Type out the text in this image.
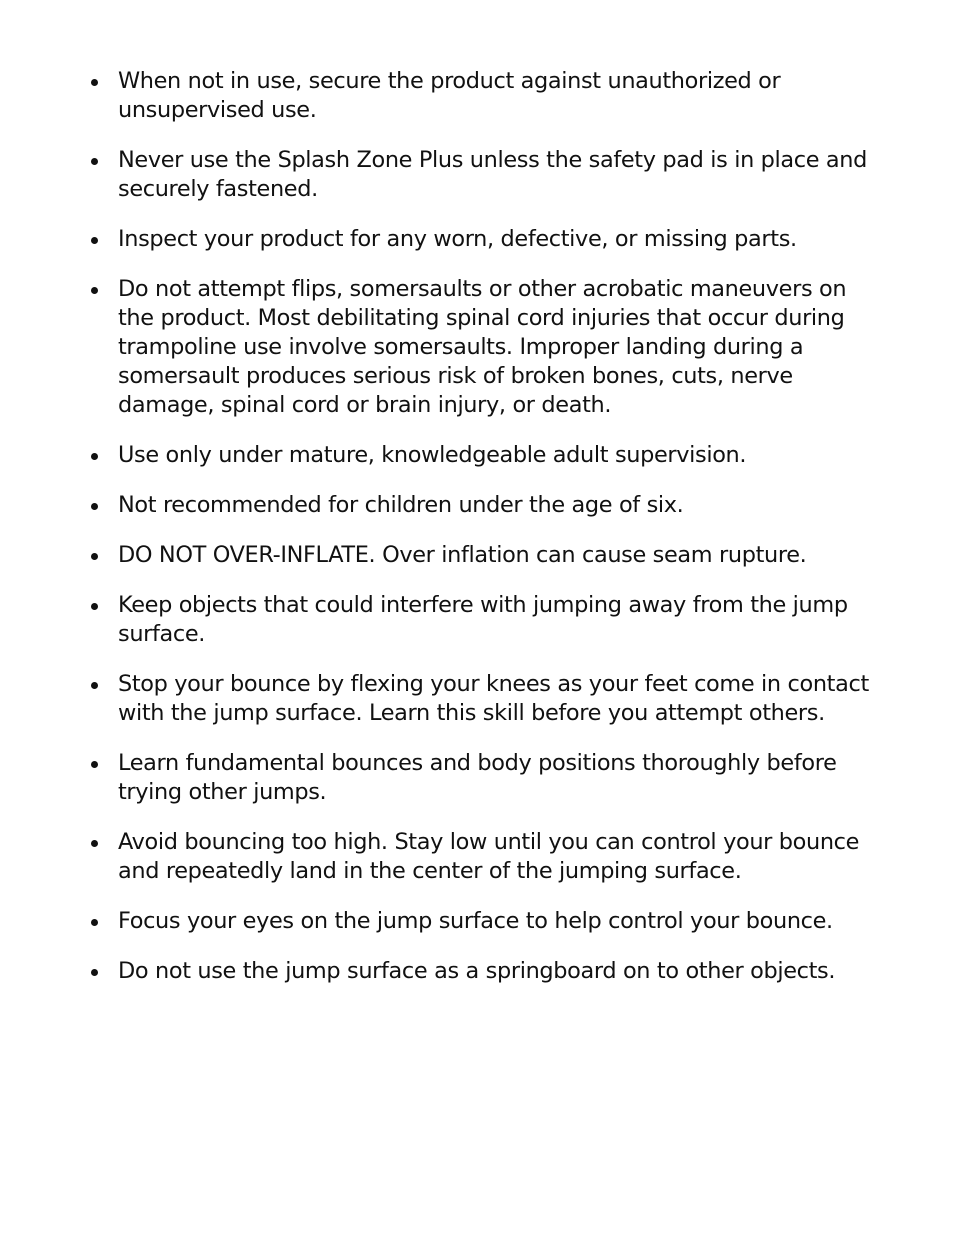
When not in use, secure the product against unauthorized or unsupervised use.
Never use the Splash Zone Plus unless the safety pad is in place and securely fastened.
Inspect your product for any worn, defective, or missing parts.
Do not attempt flips, somersaults or other acrobatic maneuvers on the product. Most debilitating spinal cord injuries that occur during trampoline use involve somersaults. Improper landing during a somersault produces serious risk of broken bones, cuts, nerve damage, spinal cord or brain injury, or death.
Use only under mature, knowledgeable adult supervision.
Not recommended for children under the age of six.
DO NOT OVER-INFLATE. Over inflation can cause seam rupture.
Keep objects that could interfere with jumping away from the jump surface.
Stop your bounce by flexing your knees as your feet come in contact with the jump surface. Learn this skill before you attempt others.
Learn fundamental bounces and body positions thoroughly before trying other jumps.
Avoid bouncing too high. Stay low until you can control your bounce and repeatedly land in the center of the jumping surface.
Focus your eyes on the jump surface to help control your bounce.
Do not use the jump surface as a springboard on to other objects.
